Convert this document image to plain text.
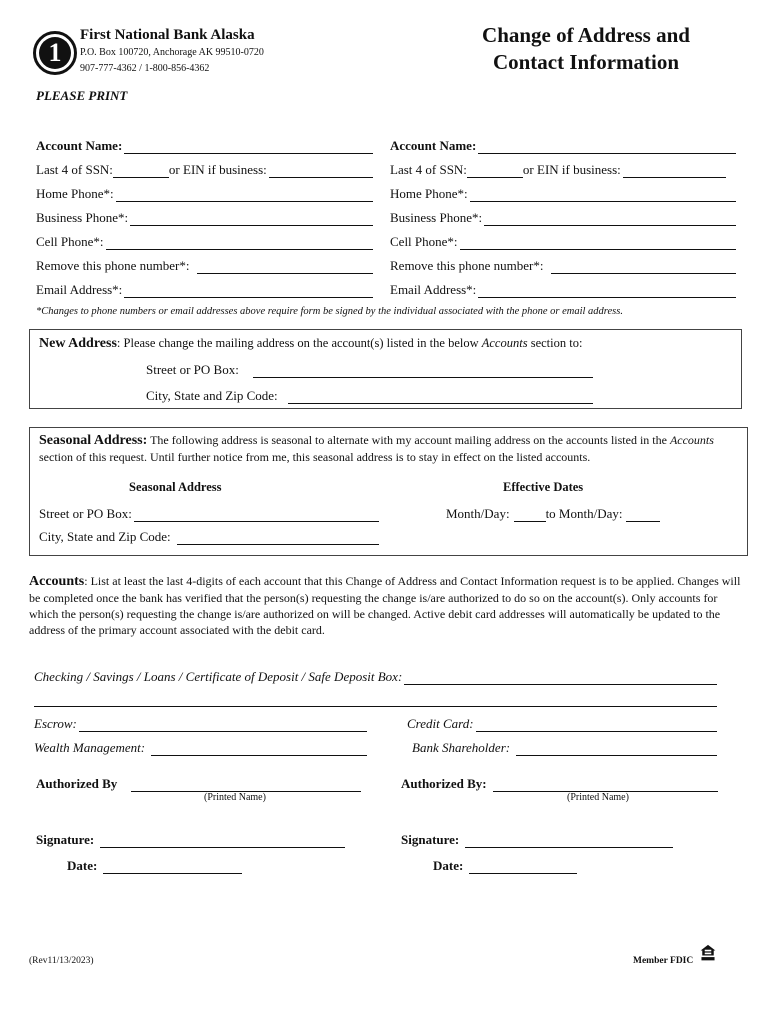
1
First National Bank Alaska
P.O. Box 100720, Anchorage AK 99510-0720
907-777-4362 / 1-800-856-4362
Change of Address and
Contact Information
PLEASE PRINT
Account Name:
Last 4 of SSN:	or EIN if business:
Home Phone*:
Business Phone*:
Cell Phone*:
Remove this phone number*:
Email Address*:
Account Name:
Last 4 of SSN:	or EIN if business:
Home Phone*:
Business Phone*:
Cell Phone*:
Remove this phone number*:
Email Address*:
*Changes to phone numbers or email addresses above require form be signed by the individual associated with the phone or email address.
New Address: Please change the mailing address on the account(s) listed in the below Accounts section to:
Street or PO Box:
City, State and Zip Code:
Seasonal Address: The following address is seasonal to alternate with my account mailing address on the accounts listed in the Accounts section of this request. Until further notice from me, this seasonal address is to stay in effect on the listed accounts.
Seasonal Address	Effective Dates
Street or PO Box:
City, State and Zip Code:
Month/Day:	to Month/Day:
Accounts: List at least the last 4-digits of each account that this Change of Address and Contact Information request is to be applied. Changes will be completed once the bank has verified that the person(s) requesting the change is/are authorized to do so on the account(s). Only accounts for which the person(s) requesting the change is/are authorized on will be changed. Active debit card addresses will automatically be updated to the address of the primary account associated with the debit card.
Checking / Savings / Loans / Certificate of Deposit / Safe Deposit Box:
Escrow:	Credit Card:
Wealth Management:	Bank Shareholder:
Authorized By
(Printed Name)
Authorized By:
(Printed Name)
Signature:	Signature:
Date:	Date:
(Rev11/13/2023)	Member FDIC
